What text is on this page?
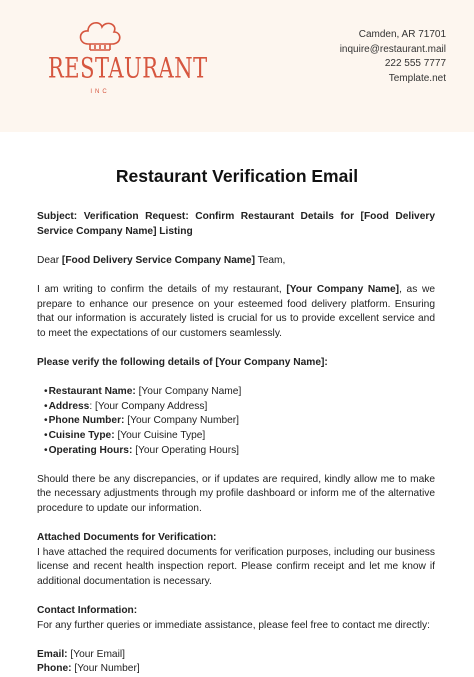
RESTAURANT
INC
Camden, AR 71701
inquire@restaurant.mail
222 555 7777
Template.net
Restaurant Verification Email

Subject: Verification Request: Confirm Restaurant Details for [Food Delivery Service Company Name] Listing

Dear [Food Delivery Service Company Name] Team,

I am writing to confirm the details of my restaurant, [Your Company Name], as we prepare to enhance our presence on your esteemed food delivery platform. Ensuring that our information is accurately listed is crucial for us to provide excellent service and to meet the expectations of our customers seamlessly.

Please verify the following details of [Your Company Name]:

•Restaurant Name: [Your Company Name]
•Address: [Your Company Address]
•Phone Number: [Your Company Number]
•Cuisine Type: [Your Cuisine Type]
•Operating Hours: [Your Operating Hours]

Should there be any discrepancies, or if updates are required, kindly allow me to make the necessary adjustments through my profile dashboard or inform me of the alternative procedure to update our information.

Attached Documents for Verification:

I have attached the required documents for verification purposes, including our business license and recent health inspection report. Please confirm receipt and let me know if additional documentation is necessary.

Contact Information:

For any further queries or immediate assistance, please feel free to contact me directly:

Email: [Your Email]

Phone: [Your Number]
